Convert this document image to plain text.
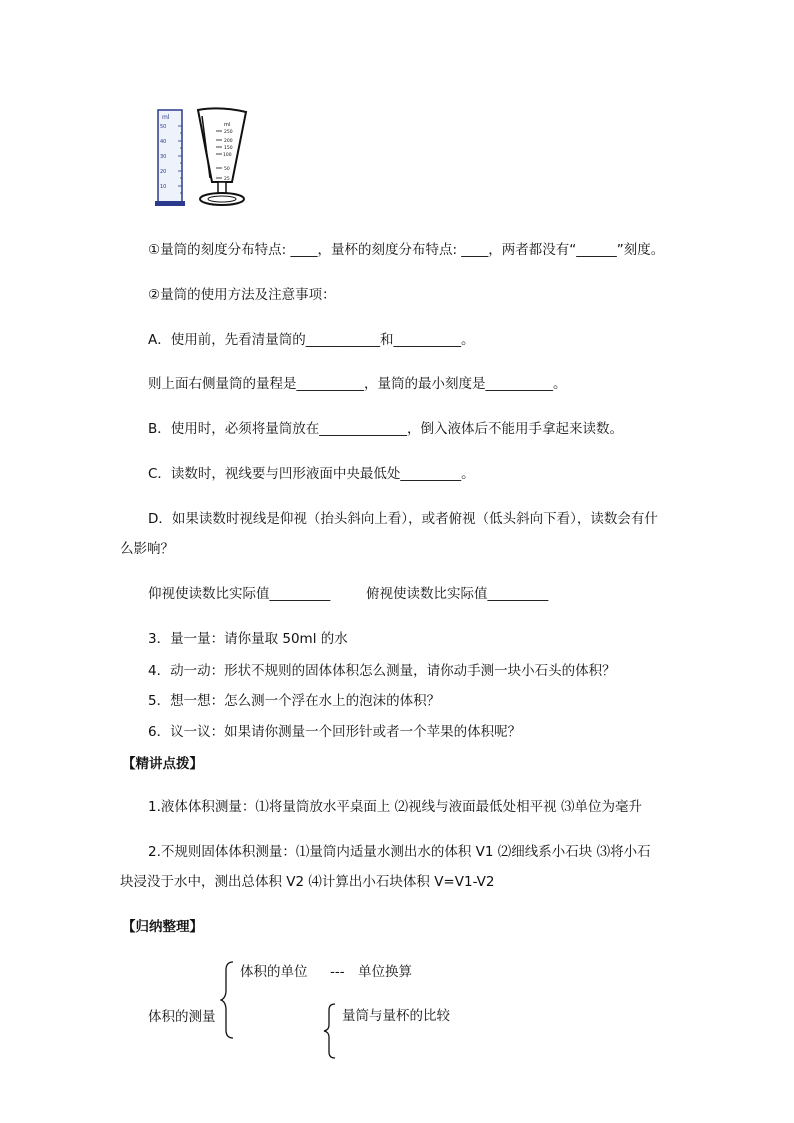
ml
50
40
30
20
10
ml
250
200
150
100
50
25
①量筒的刻度分布特点: ____，量杯的刻度分布特点: ____，两者都没有“______”刻度。
②量筒的使用方法及注意事项：
A．使用前，先看清量筒的___________和__________。
则上面右侧量筒的量程是__________，量筒的最小刻度是__________。
B．使用时，必须将量筒放在_____________，倒入液体后不能用手拿起来读数。
C．读数时，视线要与凹形液面中央最低处_________。
D．如果读数时视线是仰视（抬头斜向上看），或者俯视（低头斜向下看），读数会有什
么影响？
仰视使读数比实际值_________	俯视使读数比实际值_________
3．量一量：请你量取 50ml 的水
4．动一动：形状不规则的固体体积怎么测量，请你动手测一块小石头的体积？
5．想一想：怎么测一个浮在水上的泡沫的体积？
6．议一议：如果请你测量一个回形针或者一个苹果的体积呢？
【精讲点拨】
1.液体体积测量：⑴将量筒放水平桌面上 ⑵视线与液面最低处相平视 ⑶单位为毫升
2.不规则固体体积测量：⑴量筒内适量水测出水的体积 V1 ⑵细线系小石块 ⑶将小石
块浸没于水中，测出总体积 V2 ⑷计算出小石块体积 V=V1-V2
【归纳整理】
体积的单位 --- 单位换算
体积的测量	量筒与量杯的比较
